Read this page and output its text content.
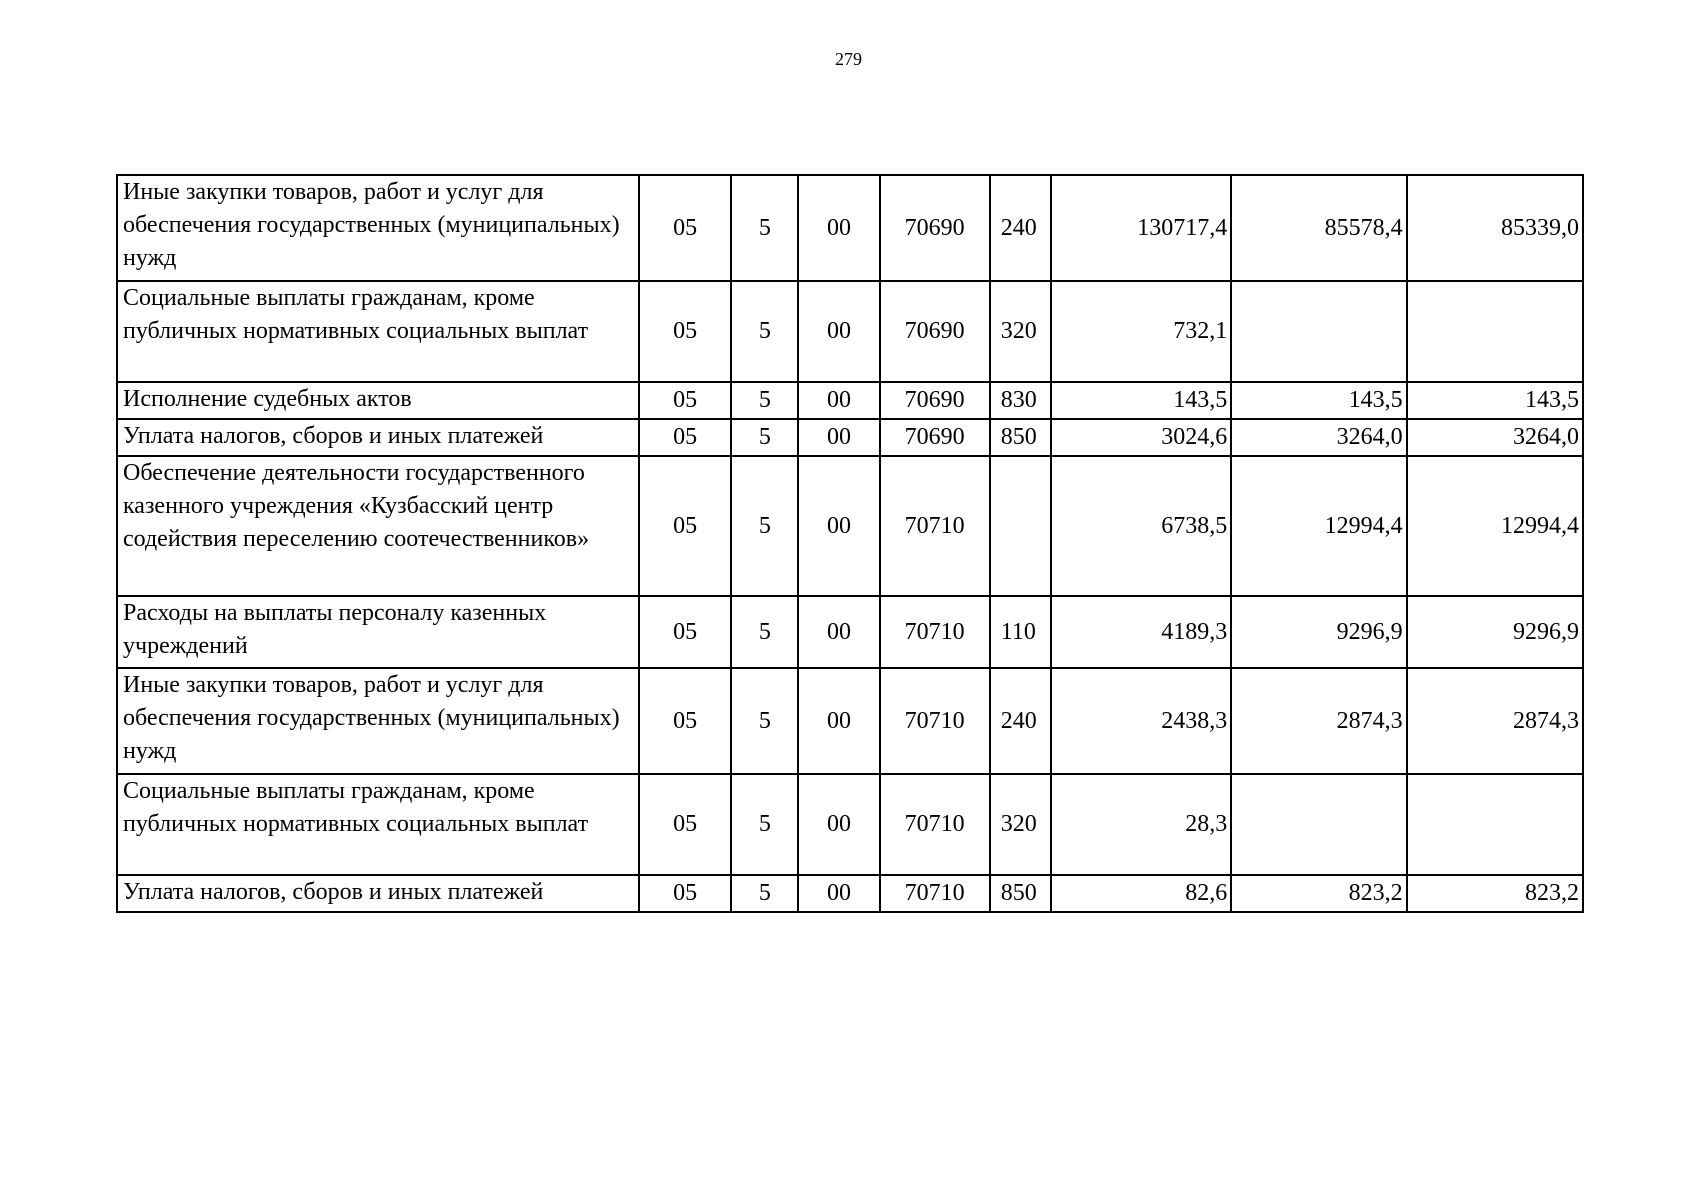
279
Иные закупки товаров, работ и услуг для обеспечения государственных (муниципальных) нужд	05	5	00	70690	240	130717,4	85578,4	85339,0
Социальные выплаты гражданам, кроме публичных нормативных социальных выплат	05	5	00	70690	320	732,1		
Исполнение судебных актов	05	5	00	70690	830	143,5	143,5	143,5
Уплата налогов, сборов и иных платежей	05	5	00	70690	850	3024,6	3264,0	3264,0
Обеспечение деятельности государственного казенного учреждения «Кузбасский центр содействия переселению соотечественников»	05	5	00	70710		6738,5	12994,4	12994,4
Расходы на выплаты персоналу казенных учреждений	05	5	00	70710	110	4189,3	9296,9	9296,9
Иные закупки товаров, работ и услуг для обеспечения государственных (муниципальных) нужд	05	5	00	70710	240	2438,3	2874,3	2874,3
Социальные выплаты гражданам, кроме публичных нормативных социальных выплат	05	5	00	70710	320	28,3		
Уплата налогов, сборов и иных платежей	05	5	00	70710	850	82,6	823,2	823,2
